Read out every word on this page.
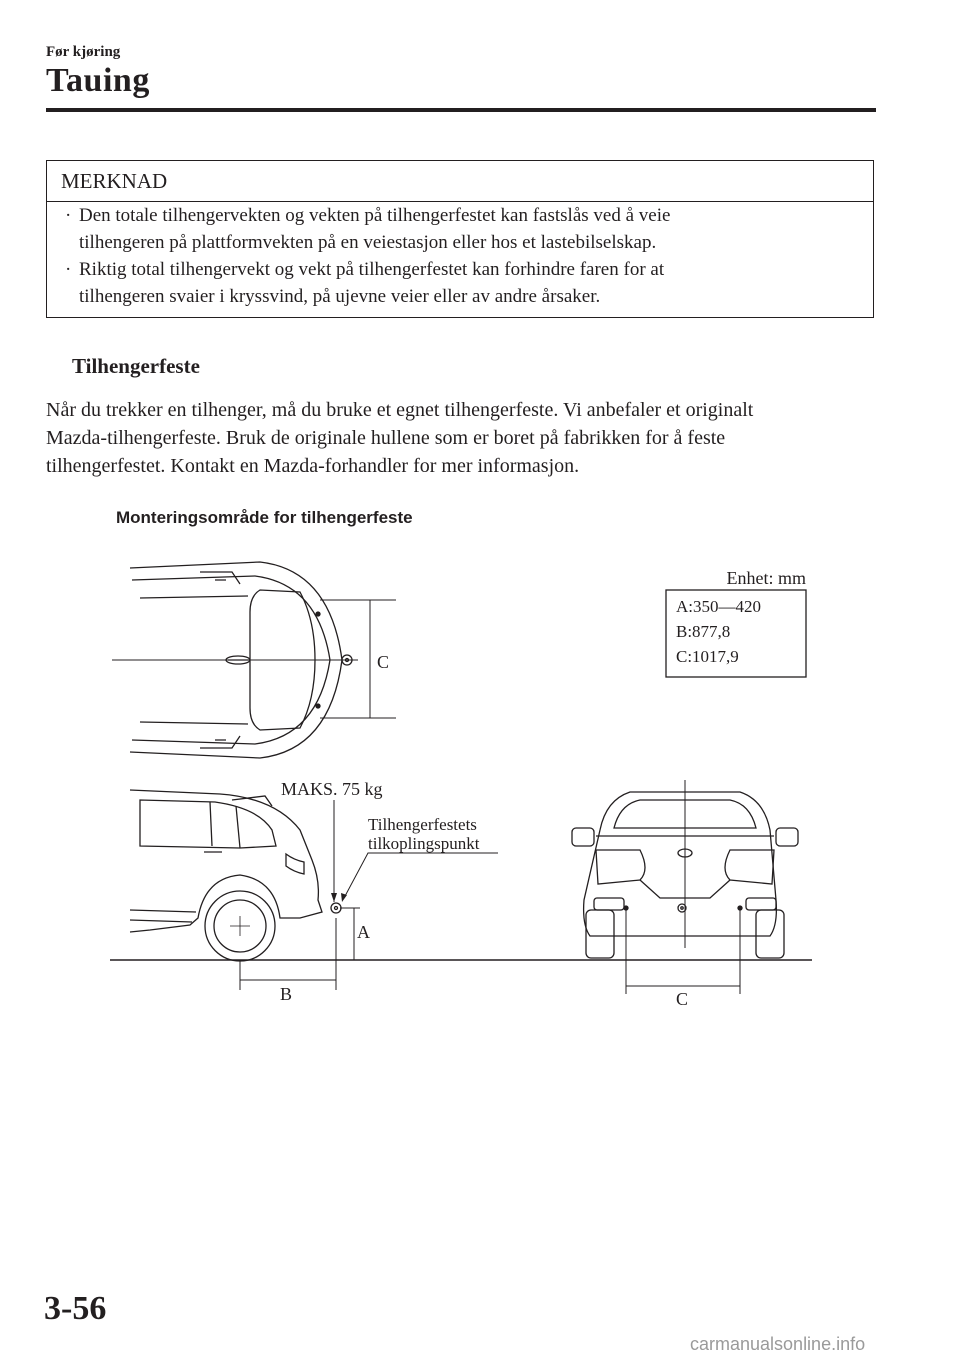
Før kjøring
Tauing
MERKNAD
· Den totale tilhengervekten og vekten på tilhengerfestet kan fastslås ved å veie
tilhengeren på plattformvekten på en veiestasjon eller hos et lastebilselskap.
· Riktig total tilhengervekt og vekt på tilhengerfestet kan forhindre faren for at
tilhengeren svaier i kryssvind, på ujevne veier eller av andre årsaker.
Tilhengerfeste
Når du trekker en tilhenger, må du bruke et egnet tilhengerfeste. Vi anbefaler et originalt
Mazda-tilhengerfeste. Bruk de originale hullene som er boret på fabrikken for å feste
tilhengerfestet. Kontakt en Mazda-forhandler for mer informasjon.
Monteringsområde for tilhengerfeste
Enhet: mm
A:350—420
B:877,8
C:1017,9
C
MAKS. 75 kg
Tilhengerfestets
tilkoplingspunkt
A
B	C
3-56
carmanualsonline.info
